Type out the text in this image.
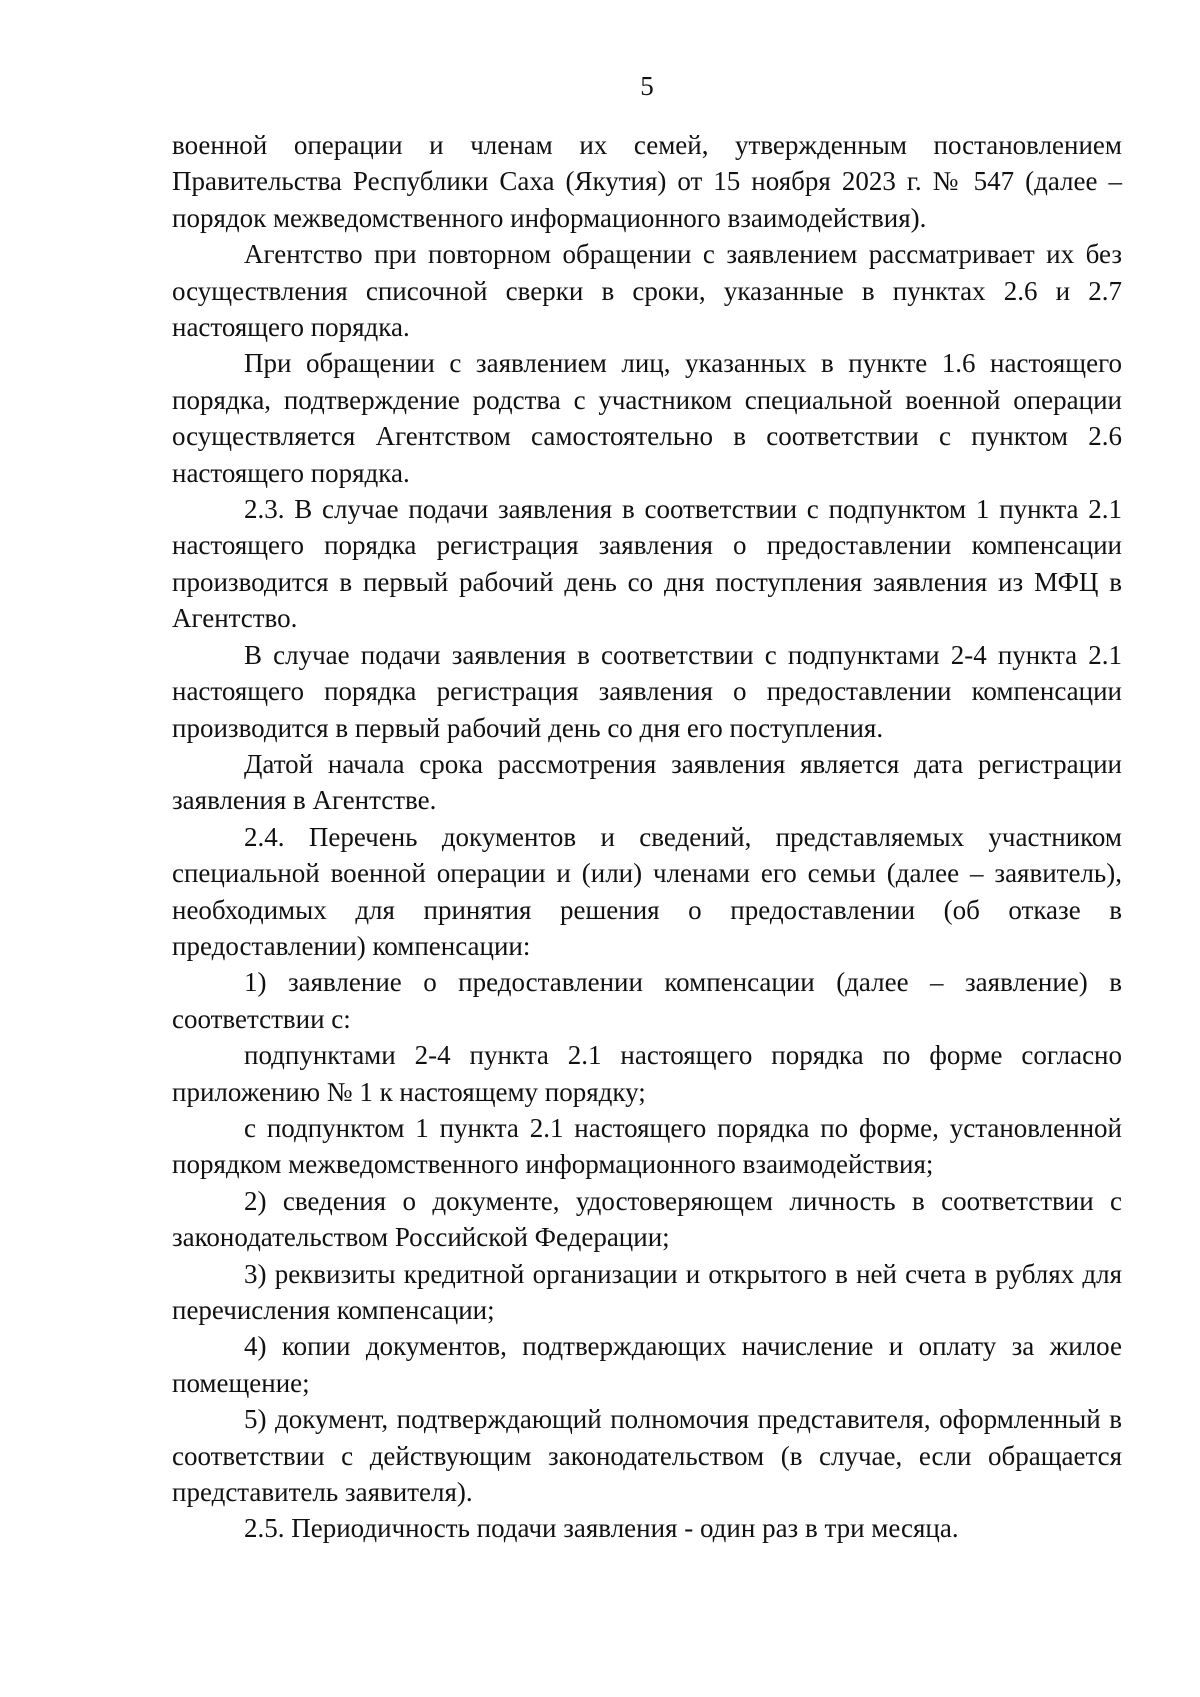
5

военной операции и членам их семей, утвержденным постановлением Правительства Республики Саха (Якутия) от 15 ноября 2023 г. № 547 (далее – порядок межведомственного информационного взаимодействия).

Агентство при повторном обращении с заявлением рассматривает их без осуществления списочной сверки в сроки, указанные в пунктах 2.6 и 2.7 настоящего порядка.

При обращении с заявлением лиц, указанных в пункте 1.6 настоящего порядка, подтверждение родства с участником специальной военной операции осуществляется Агентством самостоятельно в соответствии с пунктом 2.6 настоящего порядка.

2.3. В случае подачи заявления в соответствии с подпунктом 1 пункта 2.1 настоящего порядка регистрация заявления о предоставлении компенсации производится в первый рабочий день со дня поступления заявления из МФЦ в Агентство.

В случае подачи заявления в соответствии с подпунктами 2-4 пункта 2.1 настоящего порядка регистрация заявления о предоставлении компенсации производится в первый рабочий день со дня его поступления.

Датой начала срока рассмотрения заявления является дата регистрации заявления в Агентстве.

2.4. Перечень документов и сведений, представляемых участником специальной военной операции и (или) членами его семьи (далее – заявитель), необходимых для принятия решения о предоставлении (об отказе в предоставлении) компенсации:

1) заявление о предоставлении компенсации (далее – заявление) в соответствии с:

подпунктами 2-4 пункта 2.1 настоящего порядка по форме согласно приложению № 1 к настоящему порядку;

с подпунктом 1 пункта 2.1 настоящего порядка по форме, установленной порядком межведомственного информационного взаимодействия;

2) сведения о документе, удостоверяющем личность в соответствии с законодательством Российской Федерации;

3) реквизиты кредитной организации и открытого в ней счета в рублях для перечисления компенсации;

4) копии документов, подтверждающих начисление и оплату за жилое помещение;

5) документ, подтверждающий полномочия представителя, оформленный в соответствии с действующим законодательством (в случае, если обращается представитель заявителя).

2.5. Периодичность подачи заявления - один раз в три месяца.
